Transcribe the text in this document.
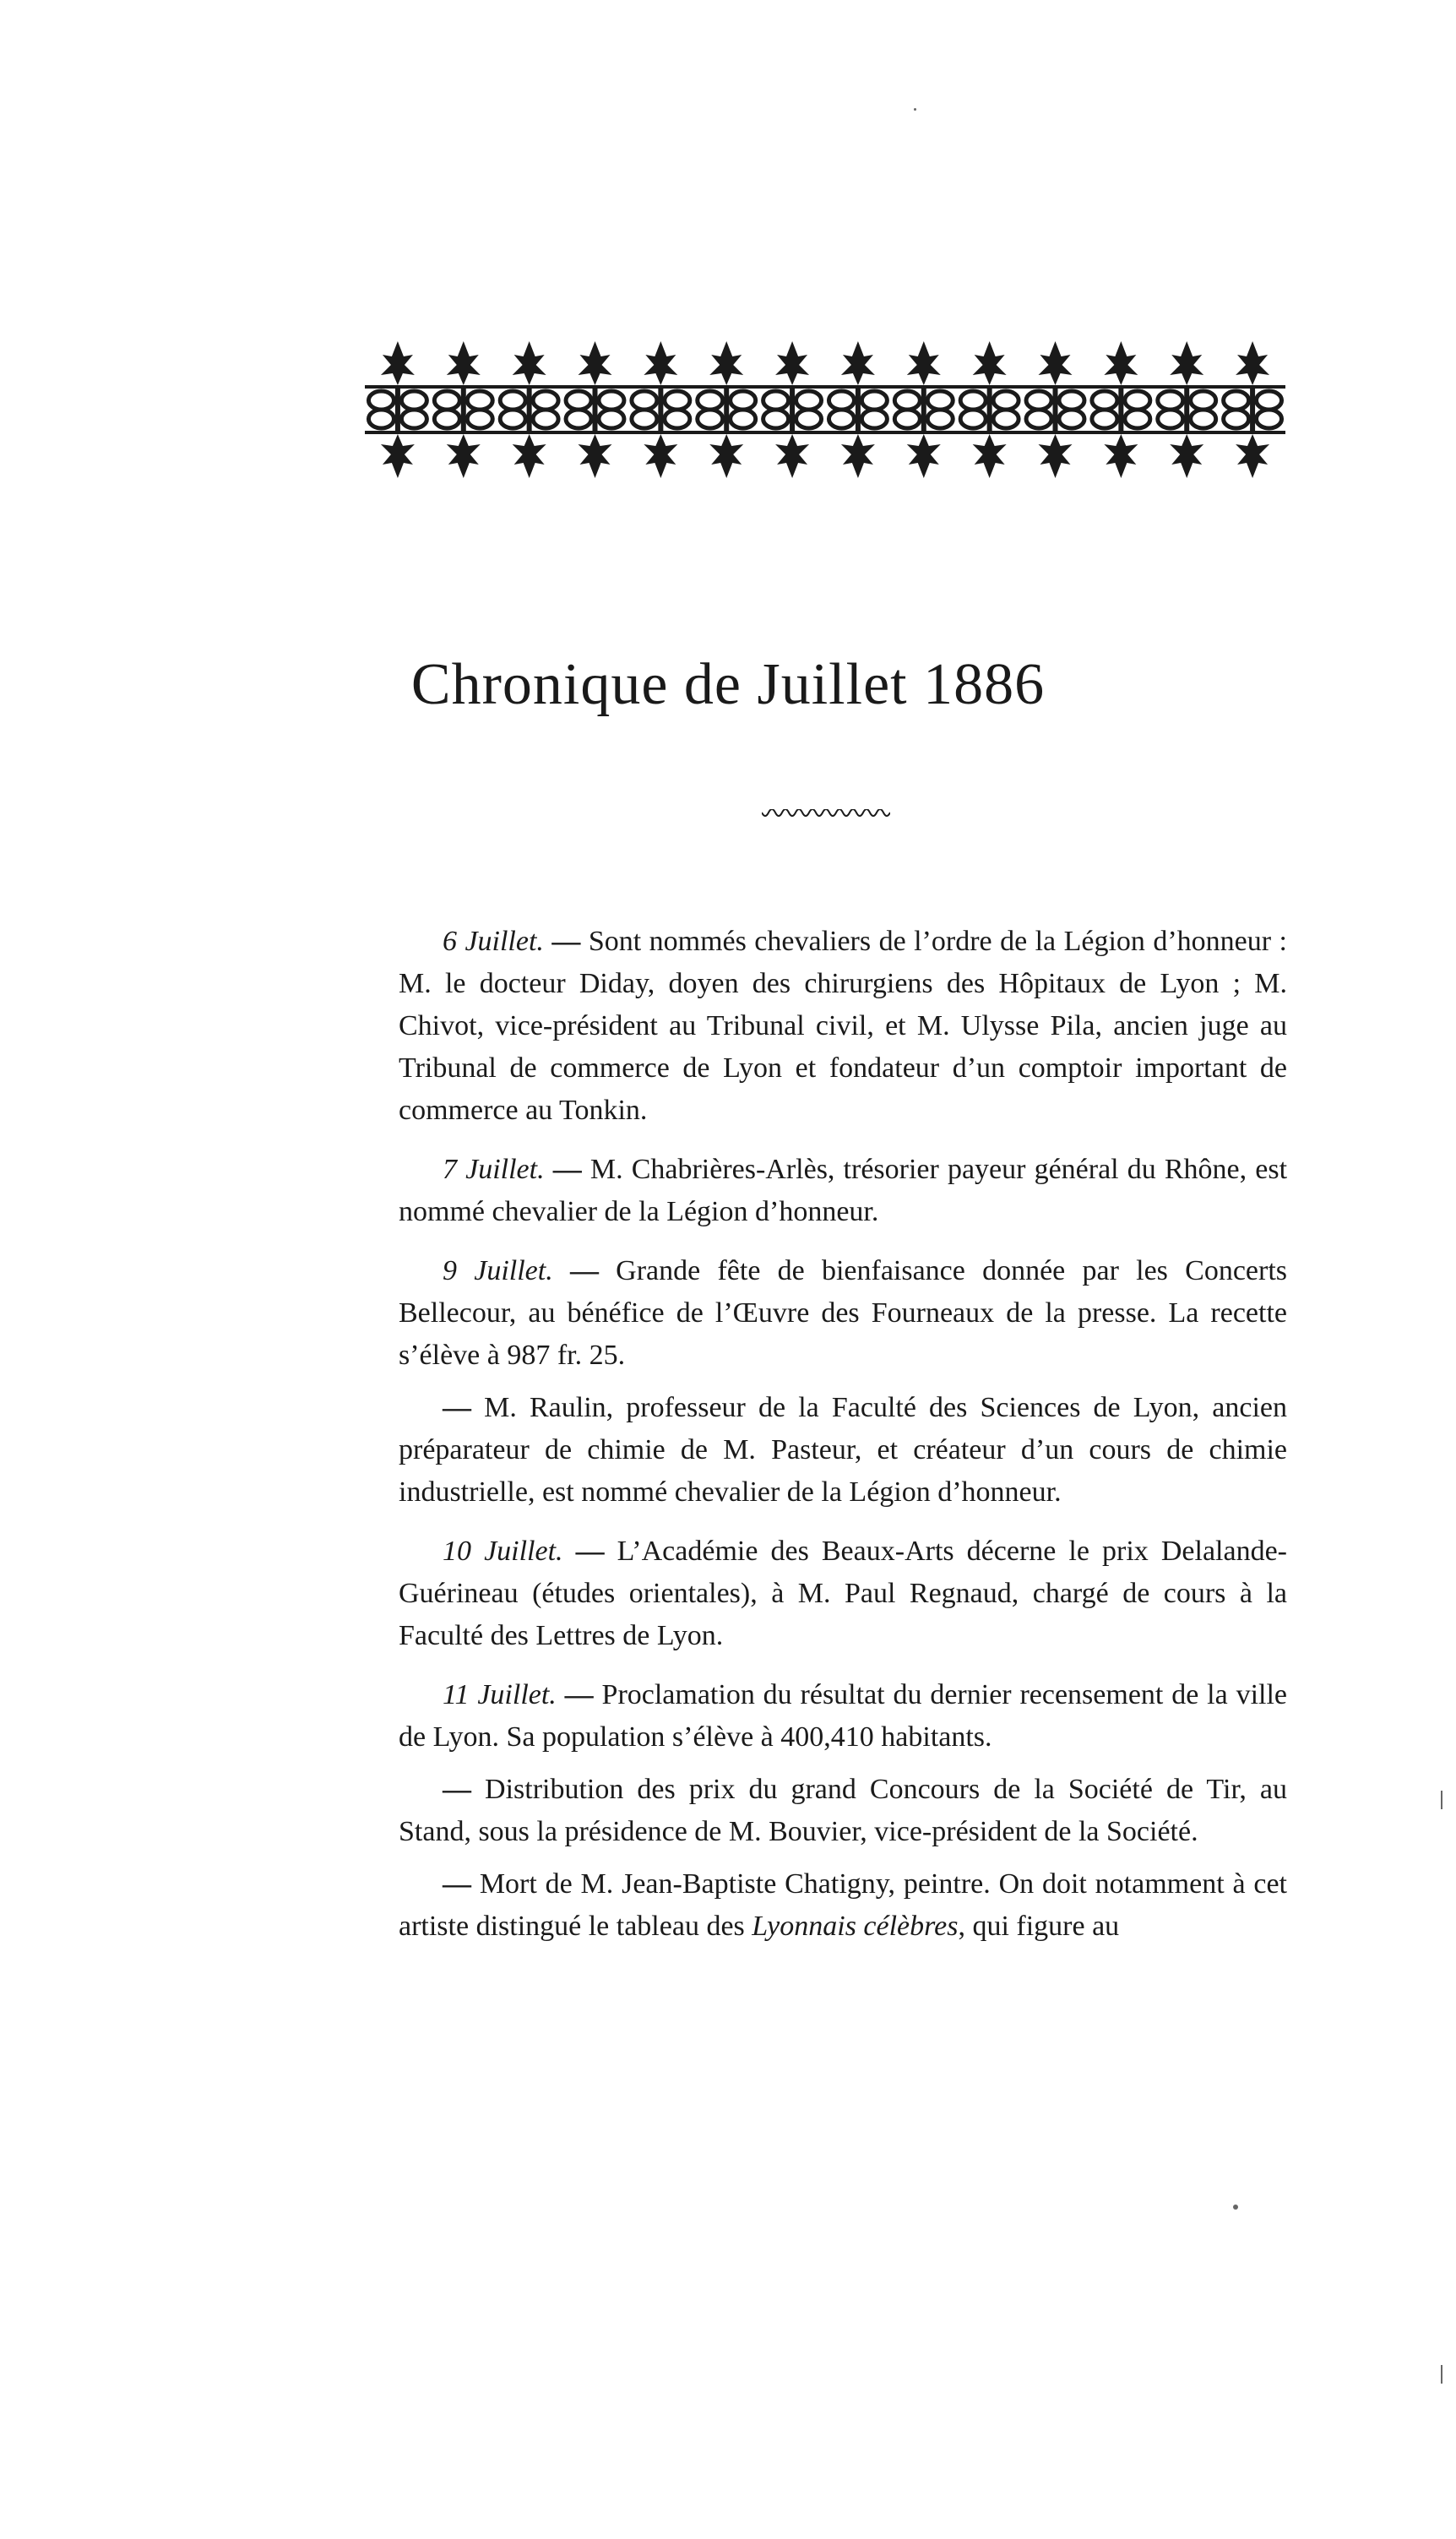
Chronique de Juillet 1886

6 Juillet. — Sont nommés chevaliers de l’ordre de la Légion d’honneur : M. le docteur Diday, doyen des chirurgiens des Hôpitaux de Lyon ; M. Chivot, vice-président au Tribunal civil, et M. Ulysse Pila, ancien juge au Tribunal de commerce de Lyon et fondateur d’un comptoir important de commerce au Tonkin.

7 Juillet. — M. Chabrières-Arlès, trésorier payeur général du Rhône, est nommé chevalier de la Légion d’honneur.

9 Juillet. — Grande fête de bienfaisance donnée par les Concerts Bellecour, au bénéfice de l’Œuvre des Fourneaux de la presse. La recette s’élève à 987 fr. 25.

— M. Raulin, professeur de la Faculté des Sciences de Lyon, ancien préparateur de chimie de M. Pasteur, et créateur d’un cours de chimie industrielle, est nommé chevalier de la Légion d’honneur.

10 Juillet. — L’Académie des Beaux-Arts décerne le prix Delalande-Guérineau (études orientales), à M. Paul Regnaud, chargé de cours à la Faculté des Lettres de Lyon.

11 Juillet. — Proclamation du résultat du dernier recensement de la ville de Lyon. Sa population s’élève à 400,410 habitants.

— Distribution des prix du grand Concours de la Société de Tir, au Stand, sous la présidence de M. Bouvier, vice-président de la Société.

— Mort de M. Jean-Baptiste Chatigny, peintre. On doit notamment à cet artiste distingué le tableau des Lyonnais célèbres, qui figure au
